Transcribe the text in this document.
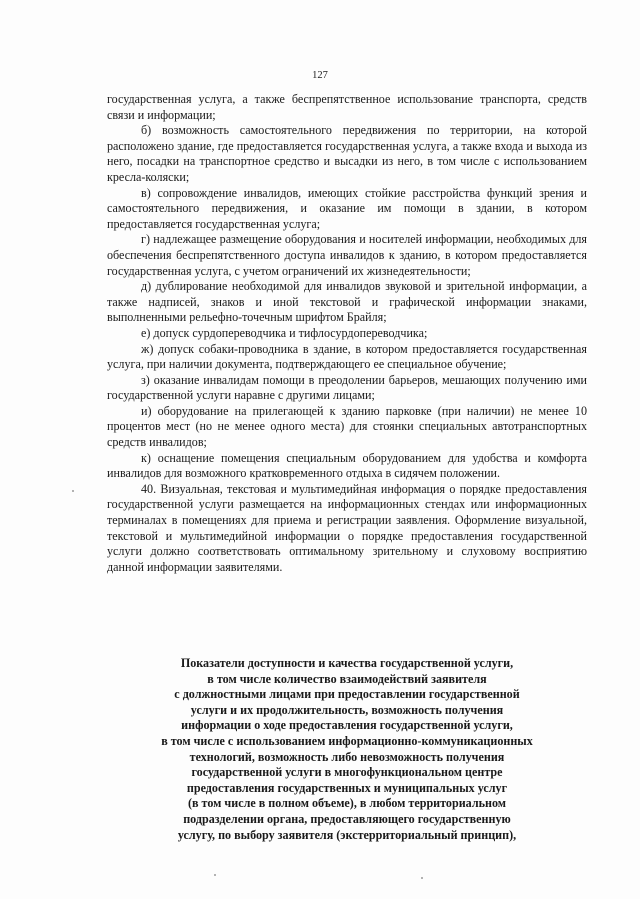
127

государственная услуга, а также беспрепятственное использование транспорта, средств связи и информации;

б) возможность самостоятельного передвижения по территории, на которой расположено здание, где предоставляется государственная услуга, а также входа и выхода из него, посадки на транспортное средство и высадки из него, в том числе с использованием кресла-коляски;

в) сопровождение инвалидов, имеющих стойкие расстройства функций зрения и самостоятельного передвижения, и оказание им помощи в здании, в котором предоставляется государственная услуга;

г) надлежащее размещение оборудования и носителей информации, необходимых для обеспечения беспрепятственного доступа инвалидов к зданию, в котором предоставляется государственная услуга, с учетом ограничений их жизнедеятельности;

д) дублирование необходимой для инвалидов звуковой и зрительной информации, а также надписей, знаков и иной текстовой и графической информации знаками, выполненными рельефно-точечным шрифтом Брайля;

е) допуск сурдопереводчика и тифлосурдопереводчика;

ж) допуск собаки-проводника в здание, в котором предоставляется государственная услуга, при наличии документа, подтверждающего ее специальное обучение;

з) оказание инвалидам помощи в преодолении барьеров, мешающих получению ими государственной услуги наравне с другими лицами;

и) оборудование на прилегающей к зданию парковке (при наличии) не менее 10 процентов мест (но не менее одного места) для стоянки специальных автотранспортных средств инвалидов;

к) оснащение помещения специальным оборудованием для удобства и комфорта инвалидов для возможного кратковременного отдыха в сидячем положении.

40. Визуальная, текстовая и мультимедийная информация о порядке предоставления государственной услуги размещается на информационных стендах или информационных терминалах в помещениях для приема и регистрации заявления. Оформление визуальной, текстовой и мультимедийной информации о порядке предоставления государственной услуги должно соответствовать оптимальному зрительному и слуховому восприятию данной информации заявителями.

Показатели доступности и качества государственной услуги,
в том числе количество взаимодействий заявителя
с должностными лицами при предоставлении государственной
услуги и их продолжительность, возможность получения
информации о ходе предоставления государственной услуги,
в том числе с использованием информационно-коммуникационных
технологий, возможность либо невозможность получения
государственной услуги в многофункциональном центре
предоставления государственных и муниципальных услуг
(в том числе в полном объеме), в любом территориальном
подразделении органа, предоставляющего государственную
услугу, по выбору заявителя (экстерриториальный принцип),
